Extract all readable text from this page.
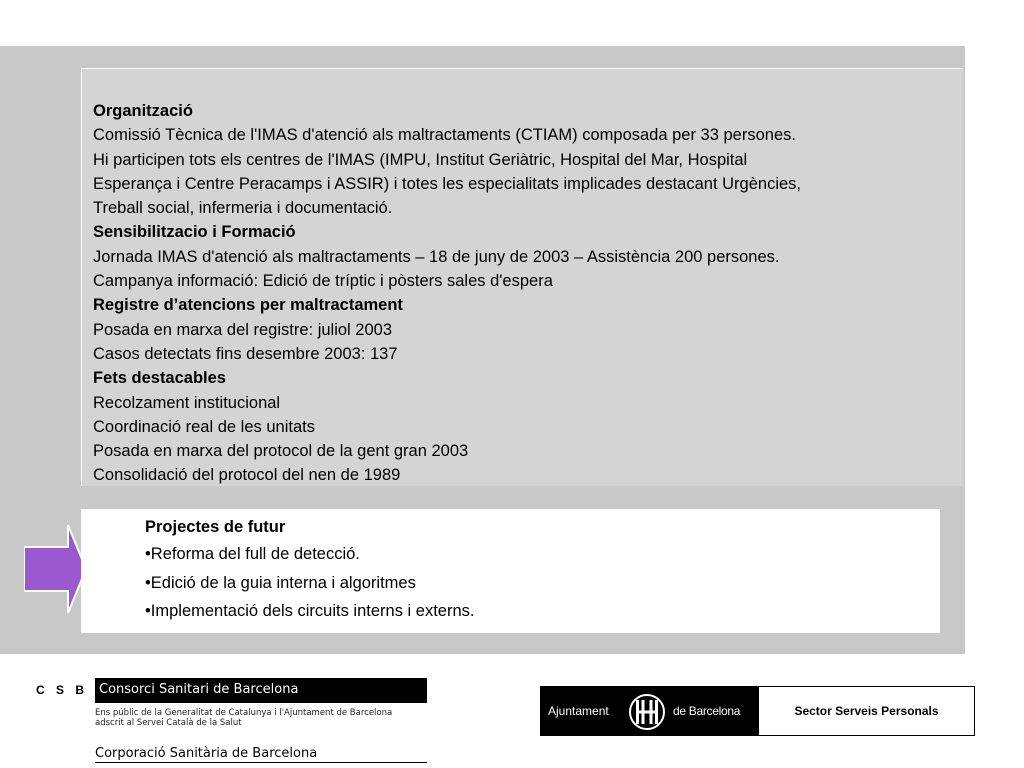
Organització
Comissió Tècnica de l'IMAS d'atenció als maltractaments (CTIAM) composada per 33 persones.
Hi participen tots els centres de l'IMAS (IMPU, Institut Geriàtric, Hospital del Mar, Hospital
Esperança i Centre Peracamps i ASSIR) i totes les especialitats implicades destacant Urgències,
Treball social, infermeria i documentació.
Sensibilitzacio i Formació
Jornada IMAS d'atenció als maltractaments – 18 de juny de 2003 – Assistència 200 persones.
Campanya informació: Edició de tríptic i pòsters sales d'espera
Registre d’atencions per maltractament
Posada en marxa del registre: juliol 2003
Casos detectats fins desembre 2003: 137
Fets destacables
Recolzament institucional
Coordinació real de les unitats
Posada en marxa del protocol de la gent gran 2003
Consolidació del protocol del nen de 1989
Projectes de futur
•Reforma del full de detecció.
•Edició de la guia interna i algoritmes
•Implementació dels circuits interns i externs.
C S B Consorci Sanitari de Barcelona
Ens públic de la Generalitat de Catalunya i l'Ajuntament de Barcelona
adscrit al Servei Català de la Salut
Corporació Sanitària de Barcelona
Ajuntament	de Barcelona	Sector Serveis Personals
